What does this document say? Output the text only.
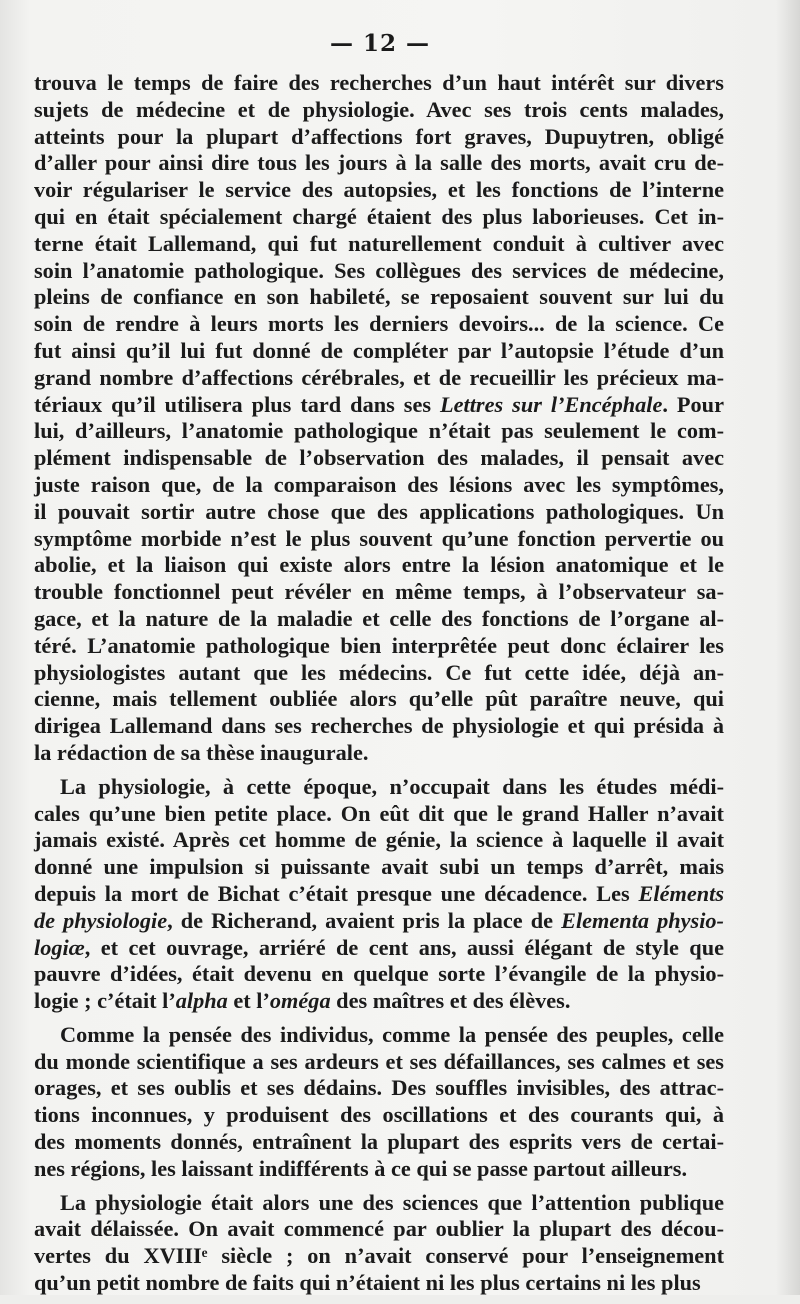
— 12 —
trouva le temps de faire des recherches d’un haut intérêt sur divers
sujets de médecine et de physiologie. Avec ses trois cents malades,
atteints pour la plupart d’affections fort graves, Dupuytren, obligé
d’aller pour ainsi dire tous les jours à la salle des morts, avait cru de-
voir régulariser le service des autopsies, et les fonctions de l’interne
qui en était spécialement chargé étaient des plus laborieuses. Cet in-
terne était Lallemand, qui fut naturellement conduit à cultiver avec
soin l’anatomie pathologique. Ses collègues des services de médecine,
pleins de confiance en son habileté, se reposaient souvent sur lui du
soin de rendre à leurs morts les derniers devoirs... de la science. Ce
fut ainsi qu’il lui fut donné de compléter par l’autopsie l’étude d’un
grand nombre d’affections cérébrales, et de recueillir les précieux ma-
tériaux qu’il utilisera plus tard dans ses Lettres sur l’Encéphale. Pour
lui, d’ailleurs, l’anatomie pathologique n’était pas seulement le com-
plément indispensable de l’observation des malades, il pensait avec
juste raison que, de la comparaison des lésions avec les symptômes,
il pouvait sortir autre chose que des applications pathologiques. Un
symptôme morbide n’est le plus souvent qu’une fonction pervertie ou
abolie, et la liaison qui existe alors entre la lésion anatomique et le
trouble fonctionnel peut révéler en même temps, à l’observateur sa-
gace, et la nature de la maladie et celle des fonctions de l’organe al-
téré. L’anatomie pathologique bien interprêtée peut donc éclairer les
physiologistes autant que les médecins. Ce fut cette idée, déjà an-
cienne, mais tellement oubliée alors qu’elle pût paraître neuve, qui
dirigea Lallemand dans ses recherches de physiologie et qui présida à
la rédaction de sa thèse inaugurale.
La physiologie, à cette époque, n’occupait dans les études médi-
cales qu’une bien petite place. On eût dit que le grand Haller n’avait
jamais existé. Après cet homme de génie, la science à laquelle il avait
donné une impulsion si puissante avait subi un temps d’arrêt, mais
depuis la mort de Bichat c’était presque une décadence. Les Eléments
de physiologie, de Richerand, avaient pris la place de Elementa physio-
logiæ, et cet ouvrage, arriéré de cent ans, aussi élégant de style que
pauvre d’idées, était devenu en quelque sorte l’évangile de la physio-
logie ; c’était l’alpha et l’oméga des maîtres et des élèves.
Comme la pensée des individus, comme la pensée des peuples, celle
du monde scientifique a ses ardeurs et ses défaillances, ses calmes et ses
orages, et ses oublis et ses dédains. Des souffles invisibles, des attrac-
tions inconnues, y produisent des oscillations et des courants qui, à
des moments donnés, entraînent la plupart des esprits vers de certai-
nes régions, les laissant indifférents à ce qui se passe partout ailleurs.
La physiologie était alors une des sciences que l’attention publique
avait délaissée. On avait commencé par oublier la plupart des décou-
vertes du XVIIIᵉ siècle ; on n’avait conservé pour l’enseignement
qu’un petit nombre de faits qui n’étaient ni les plus certains ni les plus
